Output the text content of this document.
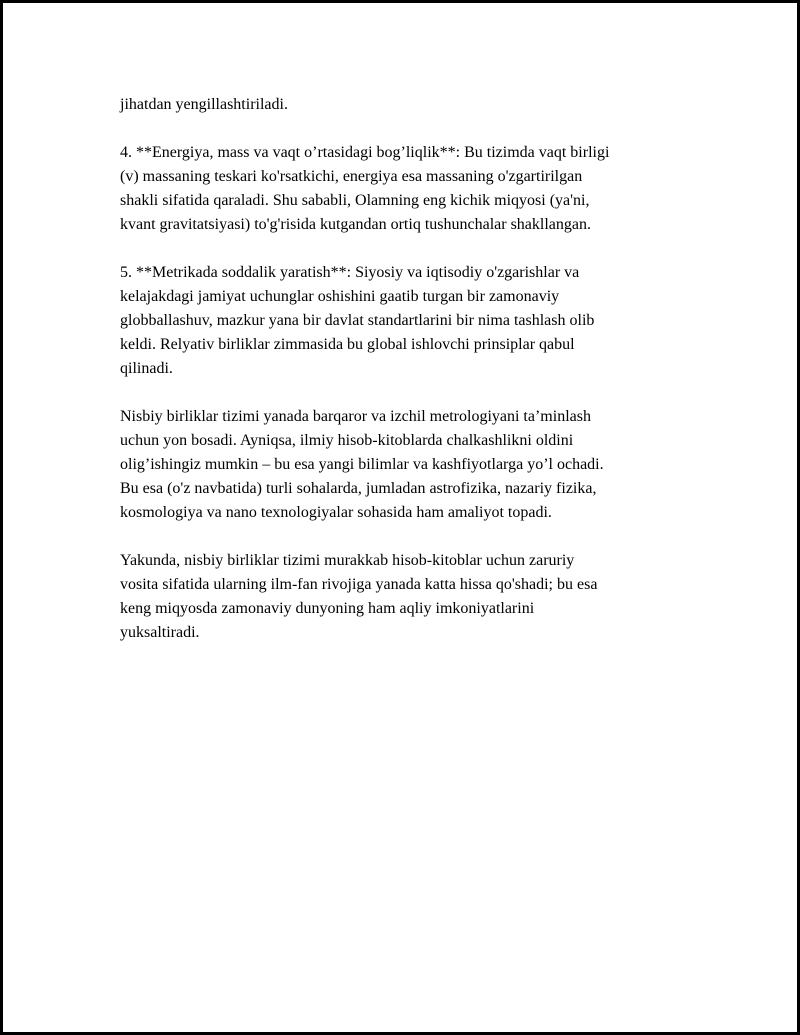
jihatdan yengillashtiriladi.

4. **Energiya, mass va vaqt o’rtasidagi bog’liqlik**: Bu tizimda vaqt birligi
(v) massaning teskari ko'rsatkichi, energiya esa massaning o'zgartirilgan
shakli sifatida qaraladi. Shu sababli, Olamning eng kichik miqyosi (ya'ni,
kvant gravitatsiyasi) to'g'risida kutgandan ortiq tushunchalar shakllangan.

5. **Metrikada soddalik yaratish**: Siyosiy va iqtisodiy o'zgarishlar va
kelajakdagi jamiyat uchunglar oshishini gaatib turgan bir zamonaviy
globballashuv, mazkur yana bir davlat standartlarini bir nima tashlash olib
keldi. Relyativ birliklar zimmasida bu global ishlovchi prinsiplar qabul
qilinadi.

Nisbiy birliklar tizimi yanada barqaror va izchil metrologiyani ta’minlash
uchun yon bosadi. Ayniqsa, ilmiy hisob-kitoblarda chalkashlikni oldini
olig’ishingiz mumkin – bu esa yangi bilimlar va kashfiyotlarga yo’l ochadi.
Bu esa (o'z navbatida) turli sohalarda, jumladan astrofizika, nazariy fizika,
kosmologiya va nano texnologiyalar sohasida ham amaliyot topadi.

Yakunda, nisbiy birliklar tizimi murakkab hisob-kitoblar uchun zaruriy
vosita sifatida ularning ilm-fan rivojiga yanada katta hissa qo'shadi; bu esa
keng miqyosda zamonaviy dunyoning ham aqliy imkoniyatlarini
yuksaltiradi.
